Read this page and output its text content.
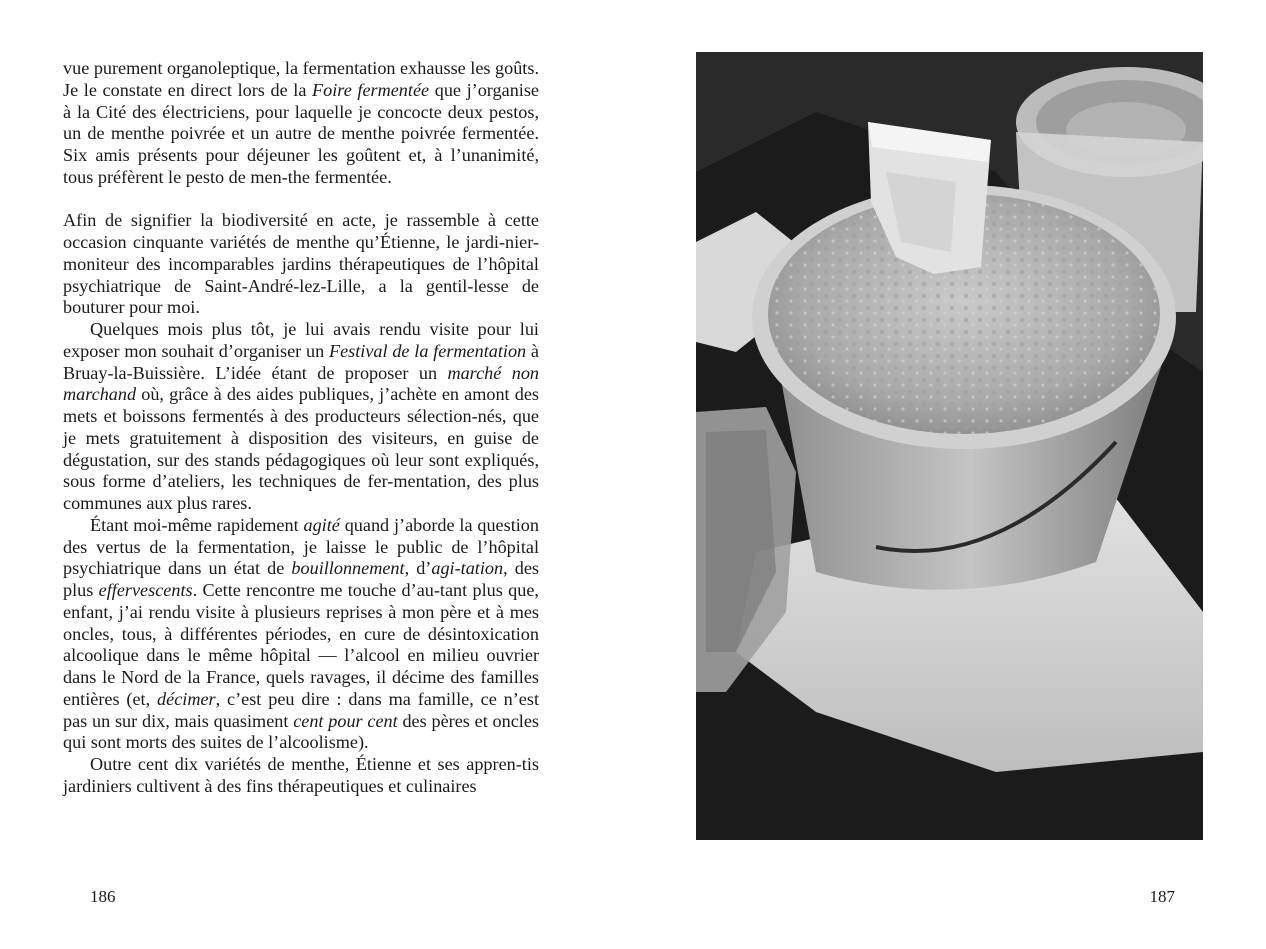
vue purement organoleptique, la fermentation exhausse les goûts. Je le constate en direct lors de la Foire fermentée que j’organise à la Cité des électriciens, pour laquelle je concocte deux pestos, un de menthe poivrée et un autre de menthe poivrée fermentée. Six amis présents pour déjeuner les goûtent et, à l’unanimité, tous préfèrent le pesto de men-the fermentée.

Afin de signifier la biodiversité en acte, je rassemble à cette occasion cinquante variétés de menthe qu’Étienne, le jardi-nier-moniteur des incomparables jardins thérapeutiques de l’hôpital psychiatrique de Saint-André-lez-Lille, a la gentil-lesse de bouturer pour moi.

Quelques mois plus tôt, je lui avais rendu visite pour lui exposer mon souhait d’organiser un Festival de la fermentation à Bruay-la-Buissière. L’idée étant de proposer un marché non marchand où, grâce à des aides publiques, j’achète en amont des mets et boissons fermentés à des producteurs sélection-nés, que je mets gratuitement à disposition des visiteurs, en guise de dégustation, sur des stands pédagogiques où leur sont expliqués, sous forme d’ateliers, les techniques de fer-mentation, des plus communes aux plus rares.

Étant moi-même rapidement agité quand j’aborde la question des vertus de la fermentation, je laisse le public de l’hôpital psychiatrique dans un état de bouillonnement, d’agi-tation, des plus effervescents. Cette rencontre me touche d’au-tant plus que, enfant, j’ai rendu visite à plusieurs reprises à mon père et à mes oncles, tous, à différentes périodes, en cure de désintoxication alcoolique dans le même hôpital — l’alcool en milieu ouvrier dans le Nord de la France, quels ravages, il décime des familles entières (et, décimer, c’est peu dire : dans ma famille, ce n’est pas un sur dix, mais quasiment cent pour cent des pères et oncles qui sont morts des suites de l’alcoolisme).

Outre cent dix variétés de menthe, Étienne et ses appren-tis jardiniers cultivent à des fins thérapeutiques et culinaires

186	187
